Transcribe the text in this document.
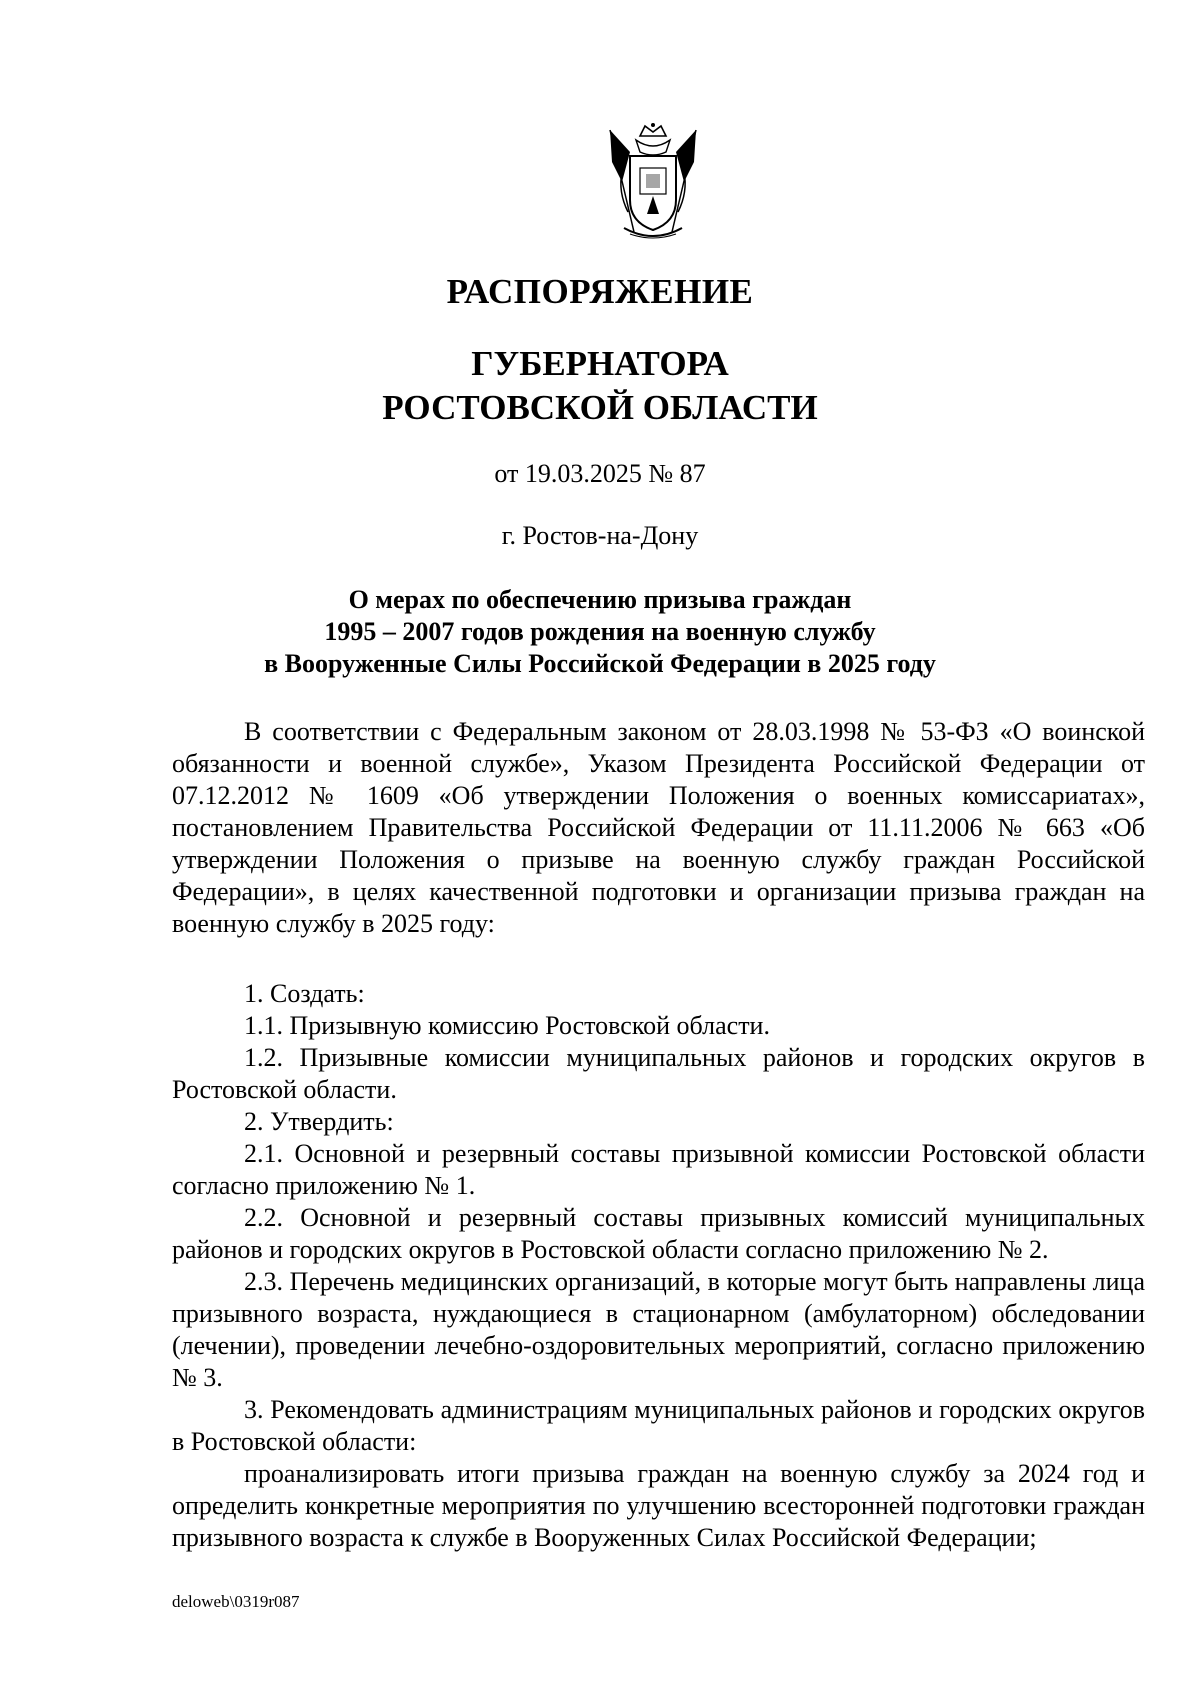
РАСПОРЯЖЕНИЕ
ГУБЕРНАТОРА
РОСТОВСКОЙ ОБЛАСТИ
от 19.03.2025 № 87
г. Ростов-на-Дону
О мерах по обеспечению призыва граждан
1995 – 2007 годов рождения на военную службу
в Вооруженные Силы Российской Федерации в 2025 году

В соответствии с Федеральным законом от 28.03.1998 № 53-ФЗ «О воинской обязанности и военной службе», Указом Президента Российской Федерации от 07.12.2012 № 1609 «Об утверждении Положения о военных комиссариатах», постановлением Правительства Российской Федерации от 11.11.2006 № 663 «Об утверждении Положения о призыве на военную службу граждан Российской Федерации», в целях качественной подготовки и организации призыва граждан на военную службу в 2025 году:

1. Создать:

1.1. Призывную комиссию Ростовской области.

1.2. Призывные комиссии муниципальных районов и городских округов в Ростовской области.

2. Утвердить:

2.1. Основной и резервный составы призывной комиссии Ростовской области согласно приложению № 1.

2.2. Основной и резервный составы призывных комиссий муниципальных районов и городских округов в Ростовской области согласно приложению № 2.

2.3. Перечень медицинских организаций, в которые могут быть направлены лица призывного возраста, нуждающиеся в стационарном (амбулаторном) обследовании (лечении), проведении лечебно-оздоровительных мероприятий, согласно приложению № 3.

3. Рекомендовать администрациям муниципальных районов и городских округов в Ростовской области:

проанализировать итоги призыва граждан на военную службу за 2024 год и определить конкретные мероприятия по улучшению всесторонней подготовки граждан призывного возраста к службе в Вооруженных Силах Российской Федерации;

deloweb\0319r087
